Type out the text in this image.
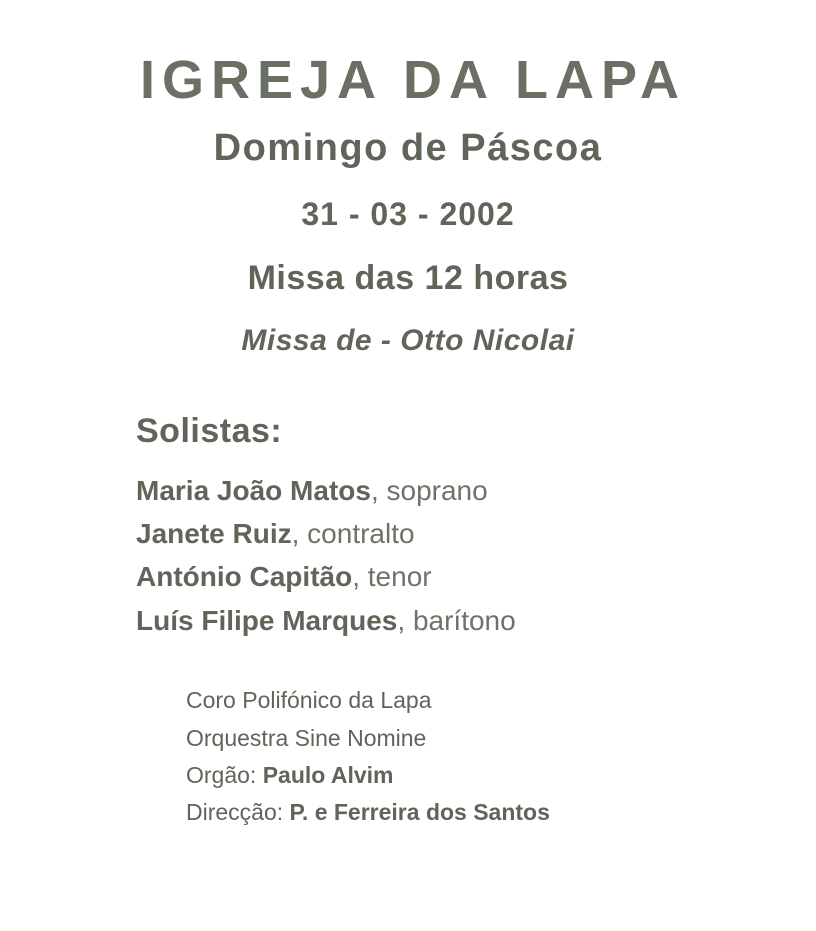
IGREJA DA LAPA
Domingo de Páscoa
31 - 03 - 2002
Missa das 12 horas
Missa de - Otto Nicolai
Solistas:
Maria João Matos, soprano
Janete Ruiz, contralto
António Capitão, tenor
Luís Filipe Marques, barítono
Coro Polifónico da Lapa
Orquestra Sine Nomine
Orgão: Paulo Alvim
Direcção: P. e Ferreira dos Santos
